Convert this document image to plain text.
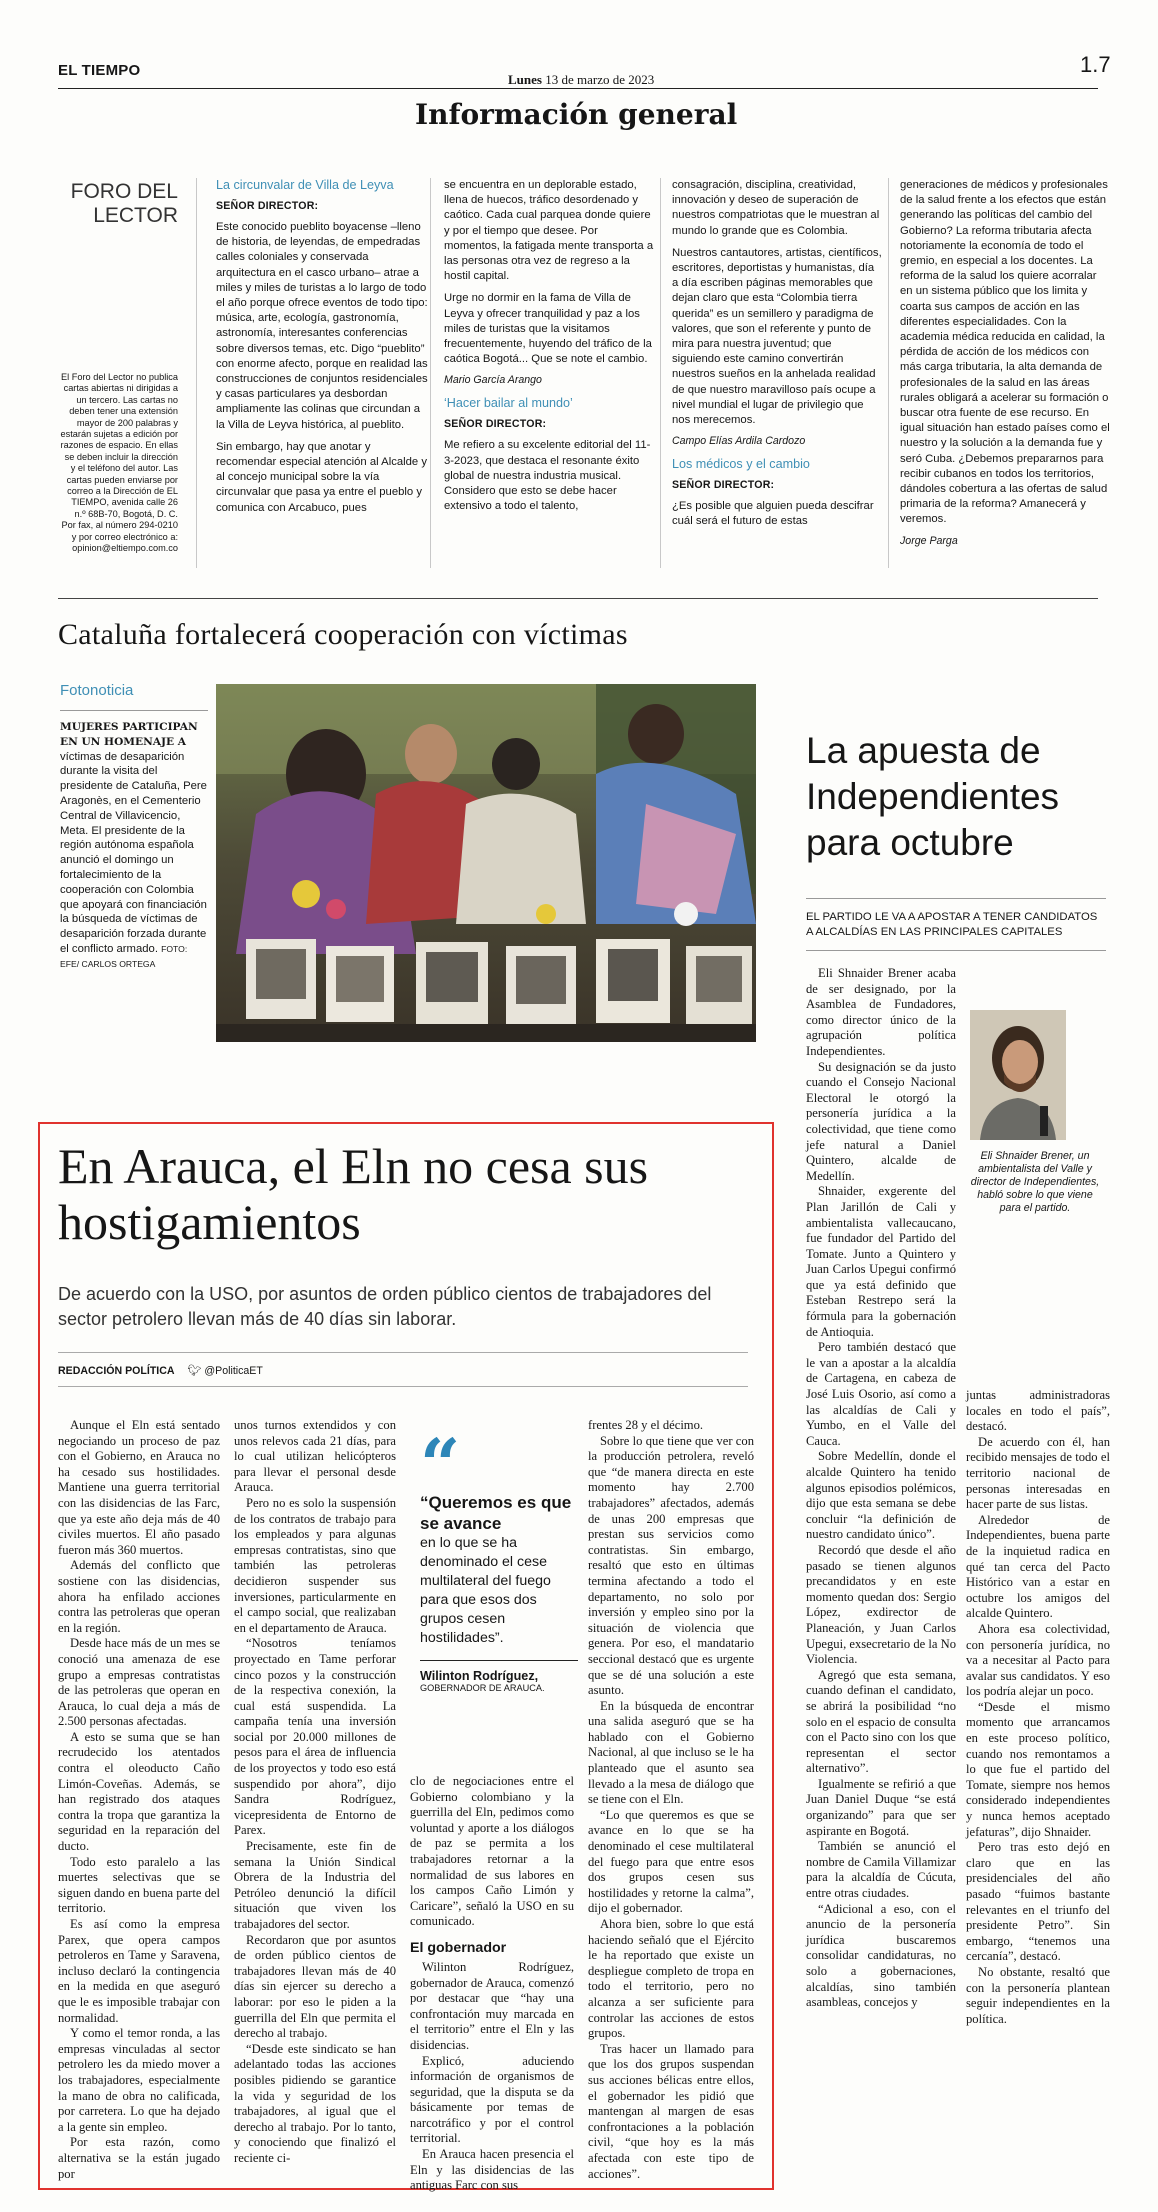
EL TIEMPO
Lunes 13 de marzo de 2023
1.7
Información general
FORO DEL
LECTOR
El Foro del Lector no publica cartas abiertas ni dirigidas a un tercero. Las cartas no deben tener una extensión mayor de 200 palabras y estarán sujetas a edición por razones de espacio. En ellas se deben incluir la dirección y el teléfono del autor. Las cartas pueden enviarse por correo a la Dirección de EL TIEMPO, avenida calle 26 n.º 68B-70, Bogotá, D. C. Por fax, al número 294-0210 y por correo electrónico a: opinion@eltiempo.com.co
La circunvalar de Villa de Leyva
SEÑOR DIRECTOR:

Este conocido pueblito boyacense –lleno de historia, de leyendas, de empedradas calles coloniales y conservada arquitectura en el casco urbano– atrae a miles y miles de turistas a lo largo de todo el año porque ofrece eventos de todo tipo: música, arte, ecología, gastronomía, astronomía, interesantes conferencias sobre diversos temas, etc. Digo “pueblito” con enorme afecto, porque en realidad las construcciones de conjuntos residenciales y casas particulares ya desbordan ampliamente las colinas que circundan a la Villa de Leyva histórica, al pueblito.

Sin embargo, hay que anotar y recomendar especial atención al Alcalde y al concejo municipal sobre la vía circunvalar que pasa ya entre el pueblo y comunica con Arcabuco, pues

se encuentra en un deplorable estado, llena de huecos, tráfico desordenado y caótico. Cada cual parquea donde quiere y por el tiempo que desee. Por momentos, la fatigada mente transporta a las personas otra vez de regreso a la hostil capital.

Urge no dormir en la fama de Villa de Leyva y ofrecer tranquilidad y paz a los miles de turistas que la visitamos frecuentemente, huyendo del tráfico de la caótica Bogotá... Que se note el cambio.

Mario García Arango
‘Hacer bailar al mundo’
SEÑOR DIRECTOR:

Me refiero a su excelente editorial del 11-3-2023, que destaca el resonante éxito global de nuestra industria musical. Considero que esto se debe hacer extensivo a todo el talento,

consagración, disciplina, creatividad, innovación y deseo de superación de nuestros compatriotas que le muestran al mundo lo grande que es Colombia.

Nuestros cantautores, artistas, científicos, escritores, deportistas y humanistas, día a día escriben páginas memorables que dejan claro que esta “Colombia tierra querida” es un semillero y paradigma de valores, que son el referente y punto de mira para nuestra juventud; que siguiendo este camino convertirán nuestros sueños en la anhelada realidad de que nuestro maravilloso país ocupe a nivel mundial el lugar de privilegio que nos merecemos.

Campo Elías Ardila Cardozo
Los médicos y el cambio
SEÑOR DIRECTOR:

¿Es posible que alguien pueda descifrar cuál será el futuro de estas

generaciones de médicos y profesionales de la salud frente a los efectos que están generando las políticas del cambio del Gobierno? La reforma tributaria afecta notoriamente la economía de todo el gremio, en especial a los docentes. La reforma de la salud los quiere acorralar en un sistema público que los limita y coarta sus campos de acción en las diferentes especialidades. Con la academia médica reducida en calidad, la pérdida de acción de los médicos con más carga tributaria, la alta demanda de profesionales de la salud en las áreas rurales obligará a acelerar su formación o buscar otra fuente de ese recurso. En igual situación han estado países como el nuestro y la solución a la demanda fue y seró Cuba. ¿Debemos prepararnos para recibir cubanos en todos los territorios, dándoles cobertura a las ofertas de salud primaria de la reforma? Amanecerá y veremos.

Jorge Parga
Cataluña fortalecerá cooperación con víctimas
Fotonoticia
MUJERES PARTICIPAN EN UN HOMENAJE A víctimas de desaparición durante la visita del presidente de Cataluña, Pere Aragonès, en el Cementerio Central de Villavicencio, Meta. El presidente de la región autónoma española anunció el domingo un fortalecimiento de la cooperación con Colombia que apoyará con financiación la búsqueda de víctimas de desaparición forzada durante el conflicto armado. FOTO: EFE/ CARLOS ORTEGA
La apuesta de Independientes para octubre
EL PARTIDO LE VA A APOSTAR A TENER CANDIDATOS A ALCALDÍAS EN LAS PRINCIPALES CAPITALES

Eli Shnaider Brener acaba de ser designado, por la Asamblea de Fundadores, como director único de la agrupación política Independientes.

Su designación se da justo cuando el Consejo Nacional Electoral le otorgó la personería jurídica a la colectividad, que tiene como jefe natural a Daniel Quintero, alcalde de Medellín.

Shnaider, exgerente del Plan Jarillón de Cali y ambientalista vallecaucano, fue fundador del Partido del Tomate. Junto a Quintero y Juan Carlos Upegui confirmó que ya está definido que Esteban Restrepo será la fórmula para la gobernación de Antioquia.

Pero también destacó que le van a apostar a la alcaldía de Cartagena, en cabeza de José Luis Osorio, así como a las alcaldías de Cali y Yumbo, en el Valle del Cauca.

Sobre Medellín, donde el alcalde Quintero ha tenido algunos episodios polémicos, dijo que esta semana se debe concluir “la definición de nuestro candidato único”.

Recordó que desde el año pasado se tienen algunos precandidatos y en este momento quedan dos: Sergio López, exdirector de Planeación, y Juan Carlos Upegui, exsecretario de la No Violencia.

Agregó que esta semana, cuando definan el candidato, se abrirá la posibilidad “no solo en el espacio de consulta con el Pacto sino con los que representan el sector alternativo”.

Igualmente se refirió a que Juan Daniel Duque “se está organizando” para que ser aspirante en Bogotá.

También se anunció el nombre de Camila Villamizar para la alcaldía de Cúcuta, entre otras ciudades.

“Adicional a eso, con el anuncio de la personería jurídica buscaremos consolidar candidaturas, no solo a gobernaciones, alcaldías, sino también asambleas, concejos y

Eli Shnaider Brener, un ambientalista del Valle y director de Independientes, habló sobre lo que viene para el partido.

juntas administradoras locales en todo el país”, destacó.

De acuerdo con él, han recibido mensajes de todo el territorio nacional de personas interesadas en hacer parte de sus listas.

Alrededor de Independientes, buena parte de la inquietud radica en qué tan cerca del Pacto Histórico van a estar en octubre los amigos del alcalde Quintero.

Ahora esa colectividad, con personería jurídica, no va a necesitar al Pacto para avalar sus candidatos. Y eso los podría alejar un poco.

“Desde el mismo momento que arrancamos en este proceso político, cuando nos remontamos a lo que fue el partido del Tomate, siempre nos hemos considerado independientes y nunca hemos aceptado jefaturas”, dijo Shnaider.

Pero tras esto dejó en claro que en las presidenciales del año pasado “fuimos bastante relevantes en el triunfo del presidente Petro”. Sin embargo, “tenemos una cercanía”, destacó.

No obstante, resaltó que con la personería plantean seguir independientes en la política.

En Arauca, el Eln no cesa sus hostigamientos
De acuerdo con la USO, por asuntos de orden público cientos de trabajadores del sector petrolero llevan más de 40 días sin laborar.
REDACCIÓN POLÍTICA 🐦︎ @PoliticaET

Aunque el Eln está sentado negociando un proceso de paz con el Gobierno, en Arauca no ha cesado sus hostilidades. Mantiene una guerra territorial con las disidencias de las Farc, que ya este año deja más de 40 civiles muertos. El año pasado fueron más 360 muertos.

Además del conflicto que sostiene con las disidencias, ahora ha enfilado acciones contra las petroleras que operan en la región.

Desde hace más de un mes se conoció una amenaza de ese grupo a empresas contratistas de las petroleras que operan en Arauca, lo cual deja a más de 2.500 personas afectadas.

A esto se suma que se han recrudecido los atentados contra el oleoducto Caño Limón-Coveñas. Además, se han registrado dos ataques contra la tropa que garantiza la seguridad en la reparación del ducto.

Todo esto paralelo a las muertes selectivas que se siguen dando en buena parte del territorio.

Es así como la empresa Parex, que opera campos petroleros en Tame y Saravena, incluso declaró la contingencia en la medida en que aseguró que le es imposible trabajar con normalidad.

Y como el temor ronda, a las empresas vinculadas al sector petrolero les da miedo mover a los trabajadores, especialmente la mano de obra no calificada, por carretera. Lo que ha dejado a la gente sin empleo.

Por esta razón, como alternativa se la están jugado por

unos turnos extendidos y con unos relevos cada 21 días, para lo cual utilizan helicópteros para llevar el personal desde Arauca.

Pero no es solo la suspensión de los contratos de trabajo para los empleados y para algunas empresas contratistas, sino que también las petroleras decidieron suspender sus inversiones, particularmente en el campo social, que realizaban en el departamento de Arauca.

“Nosotros teníamos proyectado en Tame perforar cinco pozos y la construcción de la respectiva conexión, la cual está suspendida. La campaña tenía una inversión social por 20.000 millones de pesos para el área de influencia de los proyectos y todo eso está suspendido por ahora”, dijo Sandra Rodríguez, vicepresidenta de Entorno de Parex.

Precisamente, este fin de semana la Unión Sindical Obrera de la Industria del Petróleo denunció la difícil situación que viven los trabajadores del sector.

Recordaron que por asuntos de orden público cientos de trabajadores llevan más de 40 días sin ejercer su derecho a laborar: por eso le piden a la guerrilla del Eln que permita el derecho al trabajo.

“Desde este sindicato se han adelantado todas las acciones posibles pidiendo se garantice la vida y seguridad de los trabajadores, al igual que el derecho al trabajo. Por lo tanto, y conociendo que finalizó el reciente ci-

“
“Queremos es que se avance
en lo que se ha denominado el cese multilateral del fuego para que esos dos grupos cesen hostilidades”.
Wilinton Rodríguez,
GOBERNADOR DE ARAUCA.

clo de negociaciones entre el Gobierno colombiano y la guerrilla del Eln, pedimos como voluntad y aporte a los diálogos de paz se permita a los trabajadores retornar a la normalidad de sus labores en los campos Caño Limón y Caricare”, señaló la USO en su comunicado.

El gobernador

Wilinton Rodríguez, gobernador de Arauca, comenzó por destacar que “hay una confrontación muy marcada en el territorio” entre el Eln y las disidencias.

Explicó, aduciendo información de organismos de seguridad, que la disputa se da básicamente por temas de narcotráfico y por el control territorial.

En Arauca hacen presencia el Eln y las disidencias de las antiguas Farc con sus

frentes 28 y el décimo.

Sobre lo que tiene que ver con la producción petrolera, reveló que “de manera directa en este momento hay 2.700 trabajadores” afectados, además de unas 200 empresas que prestan sus servicios como contratistas. Sin embargo, resaltó que esto en últimas termina afectando a todo el departamento, no solo por inversión y empleo sino por la situación de violencia que genera. Por eso, el mandatario seccional destacó que es urgente que se dé una solución a este asunto.

En la búsqueda de encontrar una salida aseguró que se ha hablado con el Gobierno Nacional, al que incluso se le ha planteado que el asunto sea llevado a la mesa de diálogo que se tiene con el Eln.

“Lo que queremos es que se avance en lo que se ha denominado el cese multilateral del fuego para que entre esos dos grupos cesen sus hostilidades y retorne la calma”, dijo el gobernador.

Ahora bien, sobre lo que está haciendo señaló que el Ejército le ha reportado que existe un despliegue completo de tropa en todo el territorio, pero no alcanza a ser suficiente para controlar las acciones de estos grupos.

Tras hacer un llamado para que los dos grupos suspendan sus acciones bélicas entre ellos, el gobernador les pidió que mantengan al margen de esas confrontaciones a la población civil, “que hoy es la más afectada con este tipo de acciones”.
